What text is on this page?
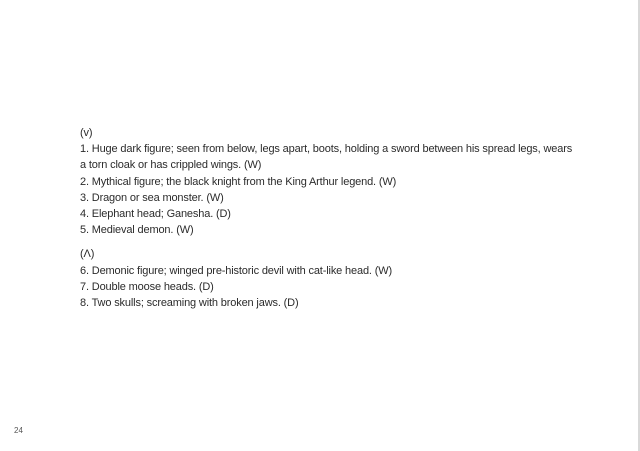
(v)
1. Huge dark figure; seen from below, legs apart, boots, holding a sword between his spread legs, wears a torn cloak or has crippled wings. (W)
2. Mythical figure; the black knight from the King Arthur legend. (W)
3. Dragon or sea monster. (W)
4. Elephant head; Ganesha. (D)
5. Medieval demon. (W)
(Λ)
6. Demonic figure; winged pre-historic devil with cat-like head. (W)
7. Double moose heads. (D)
8. Two skulls; screaming with broken jaws. (D)
24
